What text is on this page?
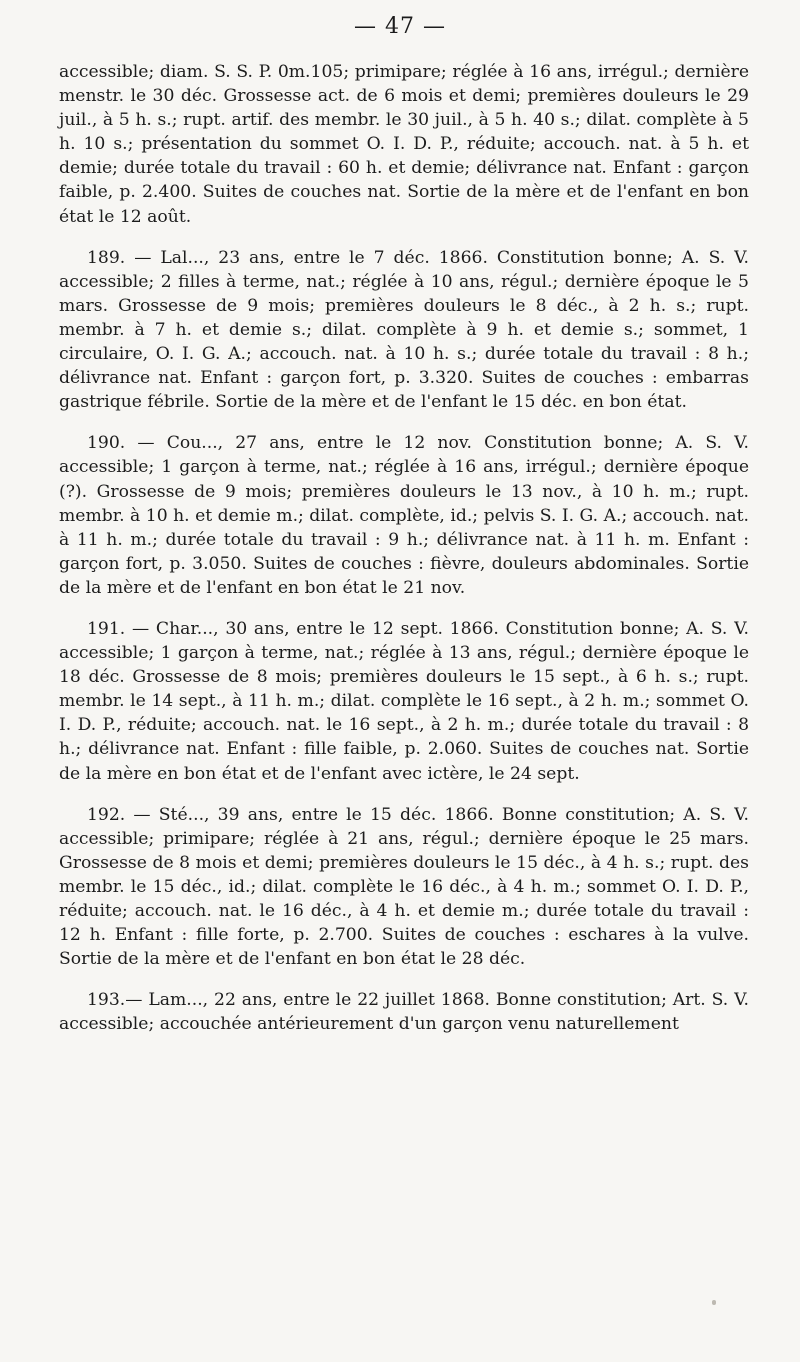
— 47 —

accessible; diam. S. S. P. 0m.105; primipare; réglée à 16 ans, irrégul.; dernière menstr. le 30 déc. Grossesse act. de 6 mois et demi; premières douleurs le 29 juil., à 5 h. s.; rupt. artif. des membr. le 30 juil., à 5 h. 40 s.; dilat. complète à 5 h. 10 s.; présentation du sommet O. I. D. P., réduite; accouch. nat. à 5 h. et demie; durée totale du travail : 60 h. et demie; délivrance nat. Enfant : garçon faible, p. 2.400. Suites de couches nat. Sortie de la mère et de l'enfant en bon état le 12 août.

189. — Lal..., 23 ans, entre le 7 déc. 1866. Constitution bonne; A. S. V. accessible; 2 filles à terme, nat.; réglée à 10 ans, régul.; dernière époque le 5 mars. Grossesse de 9 mois; premières douleurs le 8 déc., à 2 h. s.; rupt. membr. à 7 h. et demie s.; dilat. complète à 9 h. et demie s.; sommet, 1 circulaire, O. I. G. A.; accouch. nat. à 10 h. s.; durée totale du travail : 8 h.; délivrance nat. Enfant : garçon fort, p. 3.320. Suites de couches : embarras gastrique fébrile. Sortie de la mère et de l'enfant le 15 déc. en bon état.

190. — Cou..., 27 ans, entre le 12 nov. Constitution bonne; A. S. V. accessible; 1 garçon à terme, nat.; réglée à 16 ans, irrégul.; dernière époque (?). Grossesse de 9 mois; premières douleurs le 13 nov., à 10 h. m.; rupt. membr. à 10 h. et demie m.; dilat. complète, id.; pelvis S. I. G. A.; accouch. nat. à 11 h. m.; durée totale du travail : 9 h.; délivrance nat. à 11 h. m. Enfant : garçon fort, p. 3.050. Suites de couches : fièvre, douleurs abdominales. Sortie de la mère et de l'enfant en bon état le 21 nov.

191. — Char..., 30 ans, entre le 12 sept. 1866. Constitution bonne; A. S. V. accessible; 1 garçon à terme, nat.; réglée à 13 ans, régul.; dernière époque le 18 déc. Grossesse de 8 mois; premières douleurs le 15 sept., à 6 h. s.; rupt. membr. le 14 sept., à 11 h. m.; dilat. complète le 16 sept., à 2 h. m.; sommet O. I. D. P., réduite; accouch. nat. le 16 sept., à 2 h. m.; durée totale du travail : 8 h.; délivrance nat. Enfant : fille faible, p. 2.060. Suites de couches nat. Sortie de la mère en bon état et de l'enfant avec ictère, le 24 sept.

192. — Sté..., 39 ans, entre le 15 déc. 1866. Bonne constitution; A. S. V. accessible; primipare; réglée à 21 ans, régul.; dernière époque le 25 mars. Grossesse de 8 mois et demi; premières douleurs le 15 déc., à 4 h. s.; rupt. des membr. le 15 déc., id.; dilat. complète le 16 déc., à 4 h. m.; sommet O. I. D. P., réduite; accouch. nat. le 16 déc., à 4 h. et demie m.; durée totale du travail : 12 h. Enfant : fille forte, p. 2.700. Suites de couches : eschares à la vulve. Sortie de la mère et de l'enfant en bon état le 28 déc.

193.— Lam..., 22 ans, entre le 22 juillet 1868. Bonne constitution; Art. S. V. accessible; accouchée antérieurement d'un garçon venu naturellement
